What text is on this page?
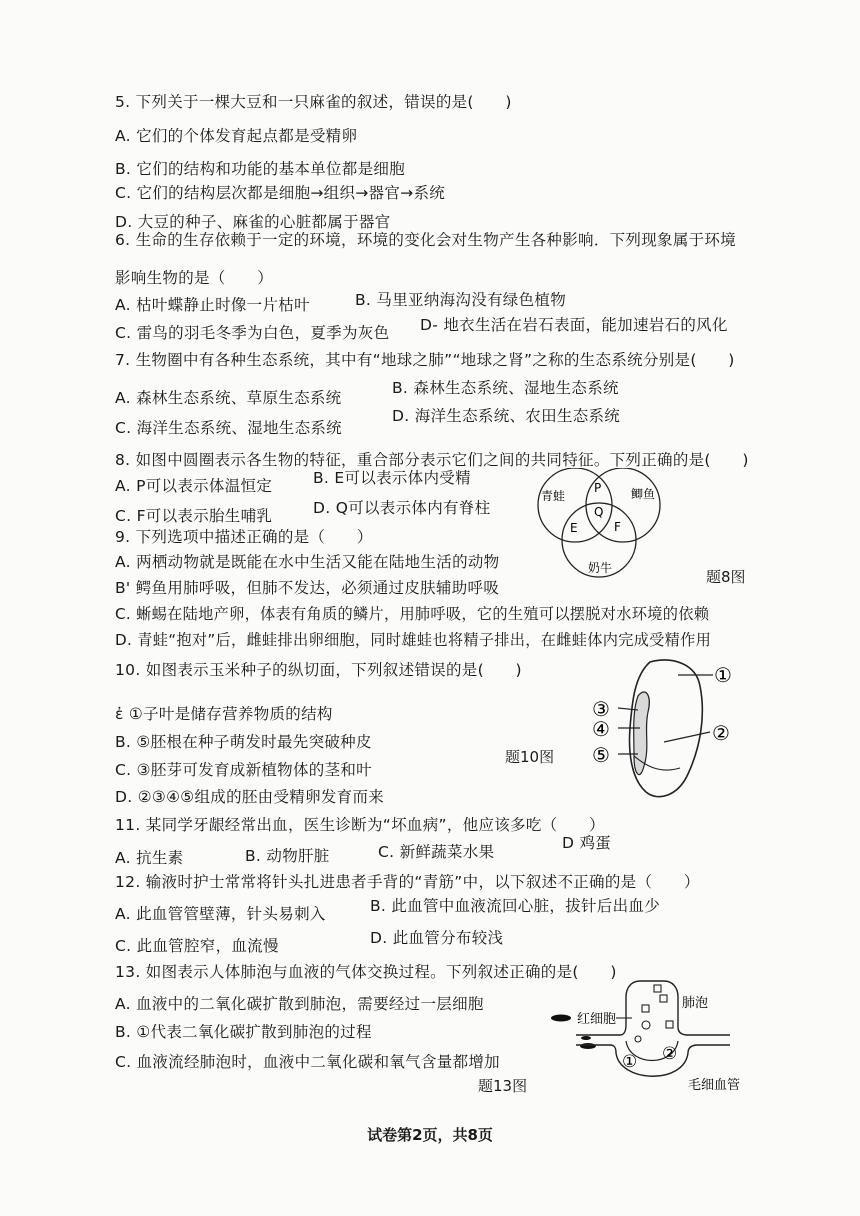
5. 下列关于一棵大豆和一只麻雀的叙述，错误的是(　　)
A. 它们的个体发育起点都是受精卵
B. 它们的结构和功能的基本单位都是细胞
C. 它们的结构层次都是细胞→组织→器官→系统
D. 大豆的种子、麻雀的心脏都属于器官
6. 生命的生存依赖于一定的环境，环境的变化会对生物产生各种影响．下列现象属于环境
影响生物的是（　　）
A. 枯叶蝶静止时像一片枯叶	B. 马里亚纳海沟没有绿色植物
C. 雷鸟的羽毛冬季为白色，夏季为灰色 D- 地衣生活在岩石表面，能加速岩石的风化
7. 生物圈中有各种生态系统，其中有“地球之肺”“地球之肾”之称的生态系统分别是(　　)
A. 森林生态系统、草原生态系统
B. 森林生态系统、湿地生态系统
C. 海洋生态系统、湿地生态系统
D. 海洋生态系统、农田生态系统
8. 如图中圆圈表示各生物的特征，重合部分表示它们之间的共同特征。下列正确的是(　　)
A. P可以表示体温恒定	B. E可以表示体内受精
C. F可以表示胎生哺乳	D. Q可以表示体内有脊柱
青蛙	鲫鱼
奶牛
P
Q
E	F
9. 下列选项中描述正确的是（　　）
A. 两栖动物就是既能在水中生活又能在陆地生活的动物
题8图
B' 鳄鱼用肺呼吸，但肺不发达，必须通过皮肤辅助呼吸
C. 蜥蜴在陆地产卵，体表有角质的鳞片，用肺呼吸，它的生殖可以摆脱对水环境的依赖
D. 青蛙“抱对”后，雌蛙排出卵细胞，同时雄蛙也将精子排出，在雌蛙体内完成受精作用
10. 如图表示玉米种子的纵切面，下列叙述错误的是(　　)
ἐ ①子叶是储存营养物质的结构
B. ⑤胚根在种子萌发时最先突破种皮
题10图
C. ③胚芽可发育成新植物体的茎和叶
D. ②③④⑤组成的胚由受精卵发育而来
①
②
③
④
⑤
11. 某同学牙龈经常出血，医生诊断为“坏血病”，他应该多吃（　　）
A. 抗生素	B. 动物肝脏	C. 新鲜蔬菜水果	D 鸡蛋
12. 输液时护士常常将针头扎进患者手背的“青筋”中，以下叙述不正确的是（　　）
A. 此血管管壁薄，针头易刺入	B. 此血管中血液流回心脏，拔针后出血少
C. 此血管腔窄，血流慢	D. 此血管分布较浅
13. 如图表示人体肺泡与血液的气体交换过程。下列叙述正确的是(　　)
A. 血液中的二氧化碳扩散到肺泡，需要经过一层细胞
B. ①代表二氧化碳扩散到肺泡的过程
C. 血液流经肺泡时，血液中二氧化碳和氧气含量都增加
题13图
红细胞
肺泡
① ②
毛细血管
试卷第2页，共8页
